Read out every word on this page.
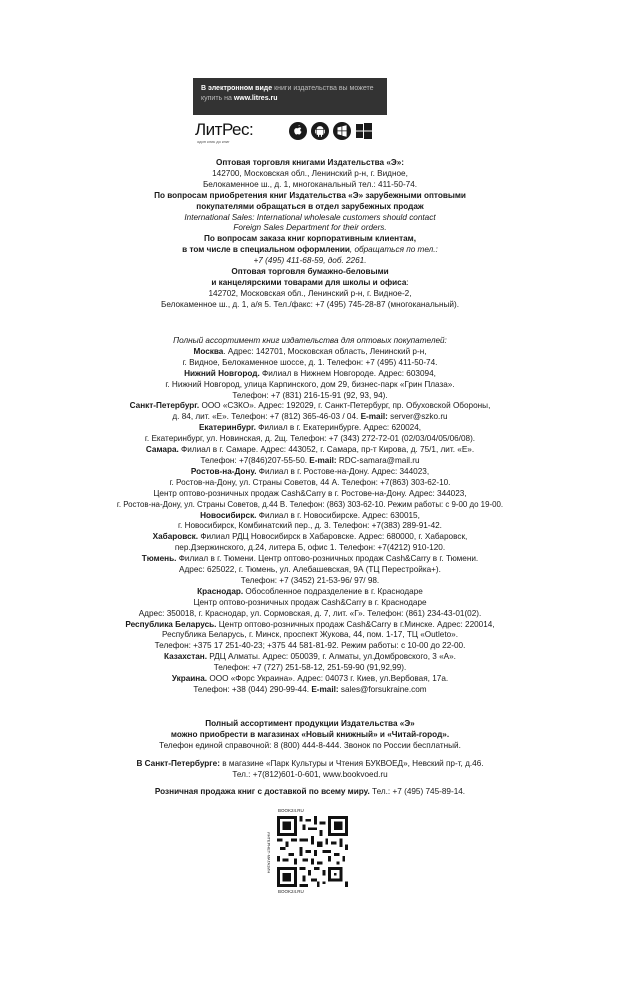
В электронном виде книги издательства вы можете
купить на www.litres.ru
ЛитРес:
один клик до книг

Оптовая торговля книгами Издательства «Э»:

142700, Московская обл., Ленинский р-н, г. Видное,

Белокаменное ш., д. 1, многоканальный тел.: 411-50-74.

По вопросам приобретения книг Издательства «Э» зарубежными оптовыми

покупателями обращаться в отдел зарубежных продаж

International Sales: International wholesale customers should contact

Foreign Sales Department for their orders.

По вопросам заказа книг корпоративным клиентам,

в том числе в специальном оформлении, обращаться по тел.:

+7 (495) 411-68-59, доб. 2261.

Оптовая торговля бумажно-беловыми

и канцелярскими товарами для школы и офиса:

142702, Московская обл., Ленинский р-н, г. Видное-2,

Белокаменное ш., д. 1, а/я 5. Тел./факс: +7 (495) 745-28-87 (многоканальный).

Полный ассортимент книг издательства для оптовых покупателей:

Москва. Адрес: 142701, Московская область, Ленинский р-н,

г. Видное, Белокаменное шоссе, д. 1. Телефон: +7 (495) 411-50-74.

Нижний Новгород. Филиал в Нижнем Новгороде. Адрес: 603094,

г. Нижний Новгород, улица Карпинского, дом 29, бизнес-парк «Грин Плаза».

Телефон: +7 (831) 216-15-91 (92, 93, 94).

Санкт-Петербург. ООО «СЗКО». Адрес: 192029, г. Санкт-Петербург, пр. Обуховской Обороны,

д. 84, лит. «Е». Телефон: +7 (812) 365-46-03 / 04. E-mail: server@szko.ru

Екатеринбург. Филиал в г. Екатеринбурге. Адрес: 620024,

г. Екатеринбург, ул. Новинская, д. 2щ. Телефон: +7 (343) 272-72-01 (02/03/04/05/06/08).

Самара. Филиал в г. Самаре. Адрес: 443052, г. Самара, пр-т Кирова, д. 75/1, лит. «Е».

Телефон: +7(846)207-55-50. E-mail: RDC-samara@mail.ru

Ростов-на-Дону. Филиал в г. Ростове-на-Дону. Адрес: 344023,

г. Ростов-на-Дону, ул. Страны Советов, 44 А. Телефон: +7(863) 303-62-10.

Центр оптово-розничных продаж Cash&Carry в г. Ростове-на-Дону. Адрес: 344023,

г. Ростов-на-Дону, ул. Страны Советов, д.44 В. Телефон: (863) 303-62-10. Режим работы: с 9-00 до 19-00.

Новосибирск. Филиал в г. Новосибирске. Адрес: 630015,

г. Новосибирск, Комбинатский пер., д. 3. Телефон: +7(383) 289-91-42.

Хабаровск. Филиал РДЦ Новосибирск в Хабаровске. Адрес: 680000, г. Хабаровск,

пер.Дзержинского, д.24, литера Б, офис 1. Телефон: +7(4212) 910-120.

Тюмень. Филиал в г. Тюмени. Центр оптово-розничных продаж Cash&Carry в г. Тюмени.

Адрес: 625022, г. Тюмень, ул. Алебашевская, 9А (ТЦ Перестройка+).

Телефон: +7 (3452) 21-53-96/ 97/ 98.

Краснодар. Обособленное подразделение в г. Краснодаре

Центр оптово-розничных продаж Cash&Carry в г. Краснодаре

Адрес: 350018, г. Краснодар, ул. Сормовская, д. 7, лит. «Г». Телефон: (861) 234-43-01(02).

Республика Беларусь. Центр оптово-розничных продаж Cash&Carry в г.Минске. Адрес: 220014,

Республика Беларусь, г. Минск, проспект Жукова, 44, пом. 1-17, ТЦ «Outleto».

Телефон: +375 17 251-40-23; +375 44 581-81-92. Режим работы: с 10-00 до 22-00.

Казахстан. РДЦ Алматы. Адрес: 050039, г. Алматы, ул.Домбровского, 3 «А».

Телефон: +7 (727) 251-58-12, 251-59-90 (91,92,99).

Украина. ООО «Форс Украина». Адрес: 04073 г. Киев, ул.Вербовая, 17а.

Телефон: +38 (044) 290-99-44. E-mail: sales@forsukraine.com

Полный ассортимент продукции Издательства «Э»

можно приобрести в магазинах «Новый книжный» и «Читай-город».

Телефон единой справочной: 8 (800) 444-8-444. Звонок по России бесплатный.

В Санкт-Петербурге: в магазине «Парк Культуры и Чтения БУКВОЕД», Невский пр-т, д.46.

Тел.: +7(812)601-0-601, www.bookvoed.ru

Розничная продажа книг с доставкой по всему миру. Тел.: +7 (495) 745-89-14.

BOOK24.RU
ИНТЕРНЕТ-МАГАЗИН
BOOK24.RU
